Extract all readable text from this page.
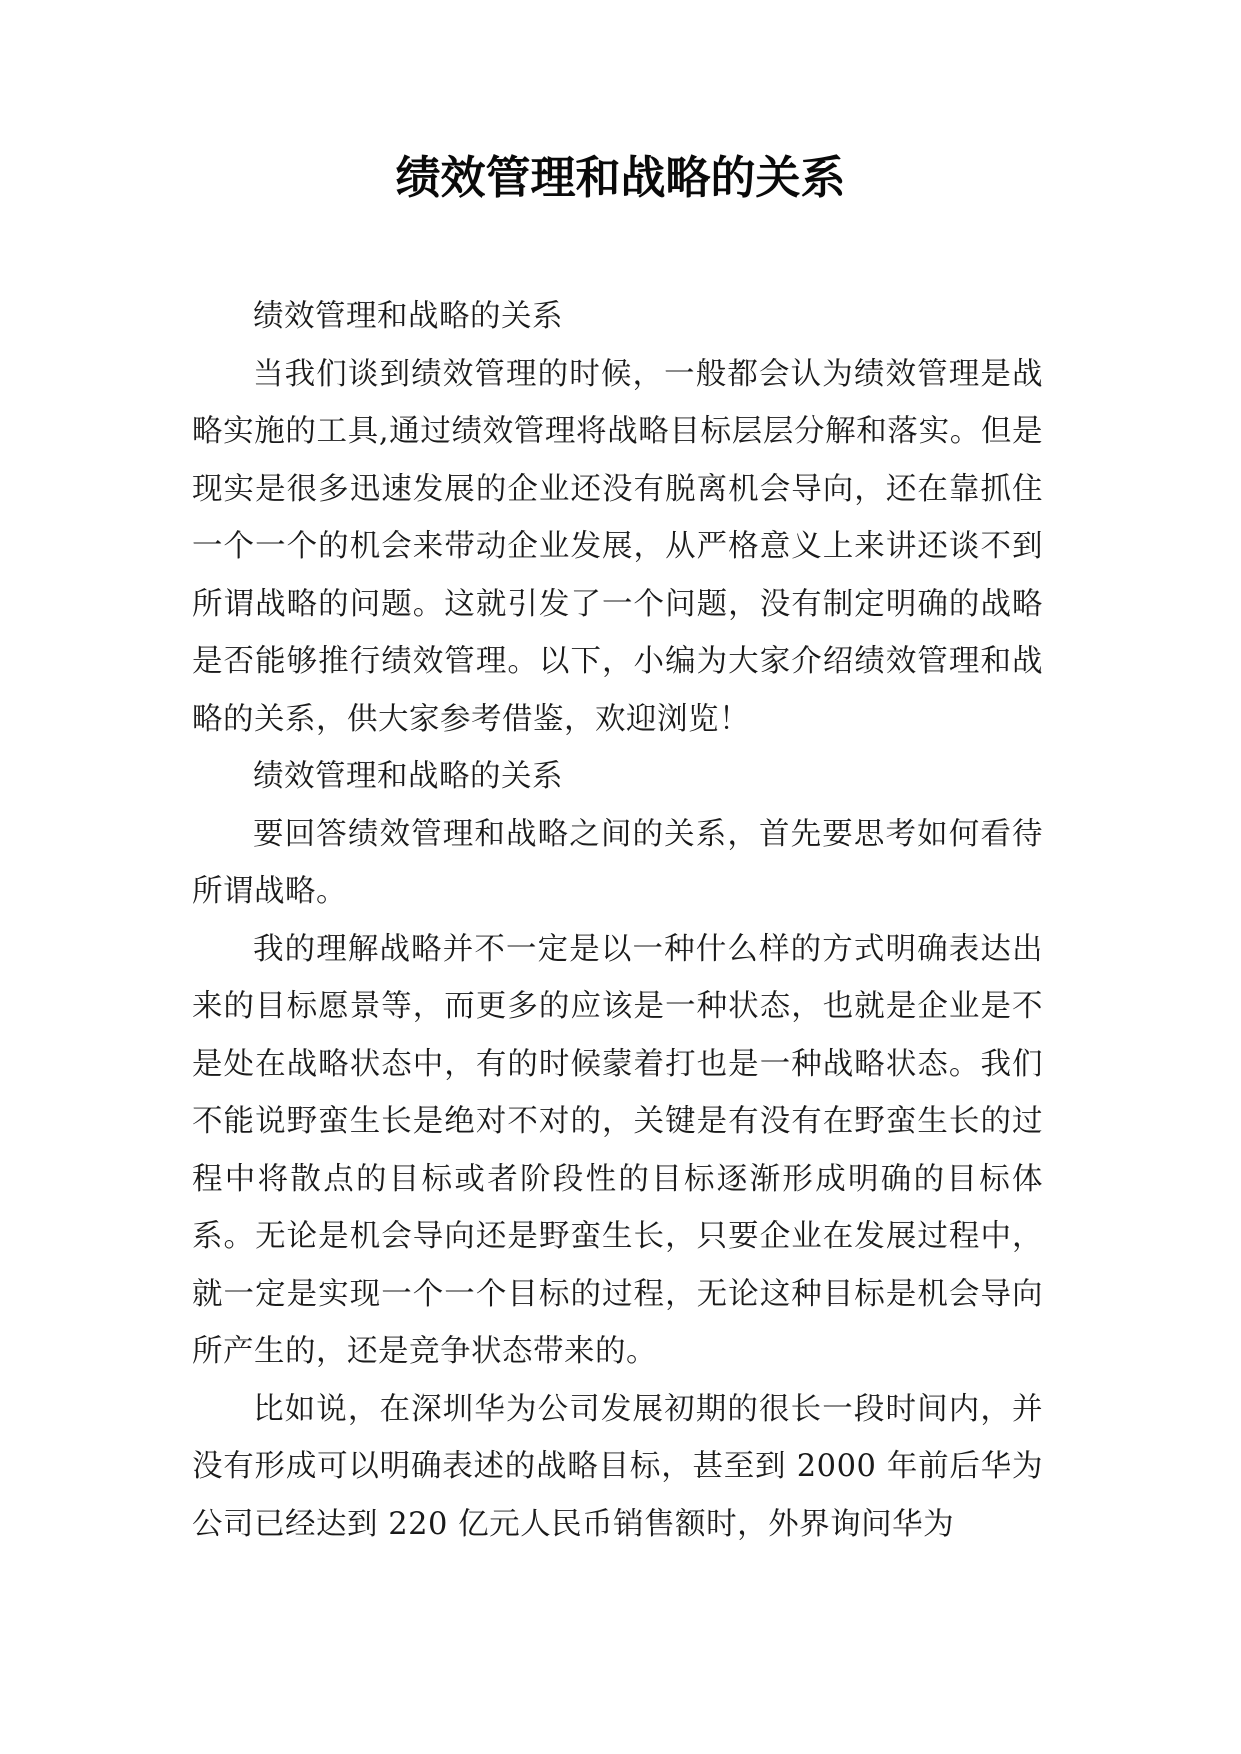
绩效管理和战略的关系

绩效管理和战略的关系

当我们谈到绩效管理的时候，一般都会认为绩效管理是战略实施的工具,通过绩效管理将战略目标层层分解和落实。但是现实是很多迅速发展的企业还没有脱离机会导向，还在靠抓住一个一个的机会来带动企业发展，从严格意义上来讲还谈不到所谓战略的问题。这就引发了一个问题，没有制定明确的战略是否能够推行绩效管理。以下，小编为大家介绍绩效管理和战略的关系，供大家参考借鉴，欢迎浏览！

绩效管理和战略的关系

要回答绩效管理和战略之间的关系，首先要思考如何看待所谓战略。

我的理解战略并不一定是以一种什么样的方式明确表达出来的目标愿景等，而更多的应该是一种状态，也就是企业是不是处在战略状态中，有的时候蒙着打也是一种战略状态。我们不能说野蛮生长是绝对不对的，关键是有没有在野蛮生长的过程中将散点的目标或者阶段性的目标逐渐形成明确的目标体系。无论是机会导向还是野蛮生长，只要企业在发展过程中，就一定是实现一个一个目标的过程，无论这种目标是机会导向所产生的，还是竞争状态带来的。

比如说，在深圳华为公司发展初期的很长一段时间内，并没有形成可以明确表述的战略目标，甚至到 2000 年前后华为公司已经达到 220 亿元人民币销售额时，外界询问华为
